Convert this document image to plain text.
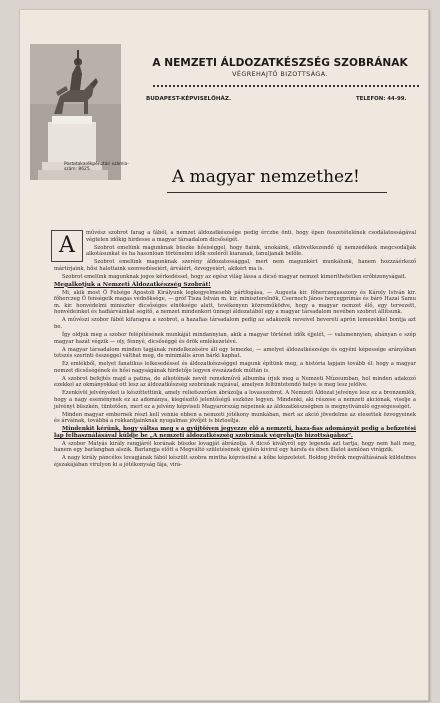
Postatakarékpénztári számla-szám: 8625.
A NEMZETI ÁLDOZATKÉSZSÉG SZOBRÁNAK
VÉGREHAJTÓ BIZOTTSÁGA.
BUDAPEST-KÉPVISELŐHÁZ.	TELEFON: 44-99.
A magyar nemzethez!

A	művész szobrot farag a fából, a nemzet áldozatkészsége pedig érczbe önti, hogy épen összetételének csodálatosságával végtelen időkig hirdesse a magyar társadalom dicsőségét.

Szobrot emelünk magunknak büszke hősiséggel, hogy fiaink, unokáink, elkövetkezendő új nemzedékek megcsodálják alkotásunkat és ha hasonlóan történelmi idők szeléről kiaranak, tanuljanak belőle.

Szobrot emelünk magunknak szerény áldozatossággal, mert nem magunkért munkálunk, hanem hozzzáérkező mártírjaink, hősi halottaink szenvedéseiért, árváiért, özvegyeiért, akikért ma is.

Szobrot emelünk magunknak jogos kérkedéssel, hogy az egész világ lássa a dicső magyar nemzet kimeríthetetlen erőbizonyságait.

Megalkotjuk a Nemzeti Áldozatkészség Szobrát!

Mi, akik most Ő Felsége Apostoli Királyunk legkegyelmesebb pártfogása, — Augusta kir. főherczegasszony és Károly István kir. főherczeg Ő fenségeik magas védnöksége, — gróf Tisza István m. kir. miniszterelnök, Csernoch János hercegprímás és báró Hazai Samu m. kir. honvédelmi miniszter dicsőséges elnöksége alatt, tevékenyen közreműködve, hogy a magyar nemzet élő, egy tervezett, honvédeinket és hadiárváinkat segítő, a nemzet mindenkori ünnepi áldozatából egy a magyar társadalom nevében szobrot állítsunk.

A művészi szobor fából kifaragva a szobrot, a hazafias társadalom pedig az adakozók neveivel beveretí aprón lemezekkel bontja azt be.

Így oldjuk meg a szobor felépítésének munkáját mindannyian, akik a magyar történet idők éjjelét, — valamennyien, ahányan e szép magyar hazát végzik — oly, fénnyé, dicsőséggé és örök emlékezetévé.

A magyar társadalom minden tagjának rendelkezésére áll egy lemezke, — amelyet áldozatkészsége és egyéni képessége arányában tetszés szerinti összeggel válthat meg, de minimális áron bárki kaphat.

Ez emlékből, melyet fanatikus lelkesedéssel és áldozatkészséggel magunk építünk meg, a história lapjain tovább él: hogy a magyar nemzet dicsőségének és hősi nagyságának hirdetője legyen évszázadok múltán is.

A szobrot befejtés majd a patina, de alkotóinak nevét remekművű albumba írjuk meg a Nemzeti Múzeumban, hol minden adakozó ezekkel az okmányokkal ott lesz az áldozatkészség szobrának rajzával, amelyen feltüntetendő helye is meg lesz jelölve.

Ezenkívül jelvényeket is készíttettünk, amely reliefszerűen ábrázolja a lovasszobrot. A Nemzeti Áldozat jelvénye lesz ez a bronzemlék, hogy a nagy eseménynek ez az adománya, kiegészítő jelentőségű eszköze legyen. Mindenki, aki részese a nemzeti akciónak, viselje a jelvényt büszkén, tüntetően, mert ez a jelvény képviseli Magyarország népeinek az áldozatkészségben is megnyilvánuló egységességét.

Minden magyar embernek részt kell vennie ebben a nemzeti jótékony munkában, mert az akció jövedelme az elesettek özvegyeinek és árváinak, továbbá a rokkantjainknak nyugalmas jövőjét is biztosítja.

Mindenkit kérünk, hogy váltsa meg s a gyűjtőíven jegyezze elő a nemzeti, haza-fias adományát pedig a befizetési lap felhasználásával küldje be „A nemzeti áldozatkészség szobrának végrehajtó bizottságához".

A szobor Mátyás király rangjáról korának büszke lovagját ábrázolja. A dicső kivályról egy legenda azt tartja, hogy nem halt meg, hanem egy barlangban alszik. Barlangja előtt a Megváltó születésének éjjelén kivirul egy hársfa és ében illatot ásmlóan virágzik.

A nagy király páncélos lovagjának fából készült szobra mintha képviselné a kőbe képzeletet. Boldog jövőnk megváltásának küldelmes éjszakájában virulyon ki a jótékonyság fája, virá-
